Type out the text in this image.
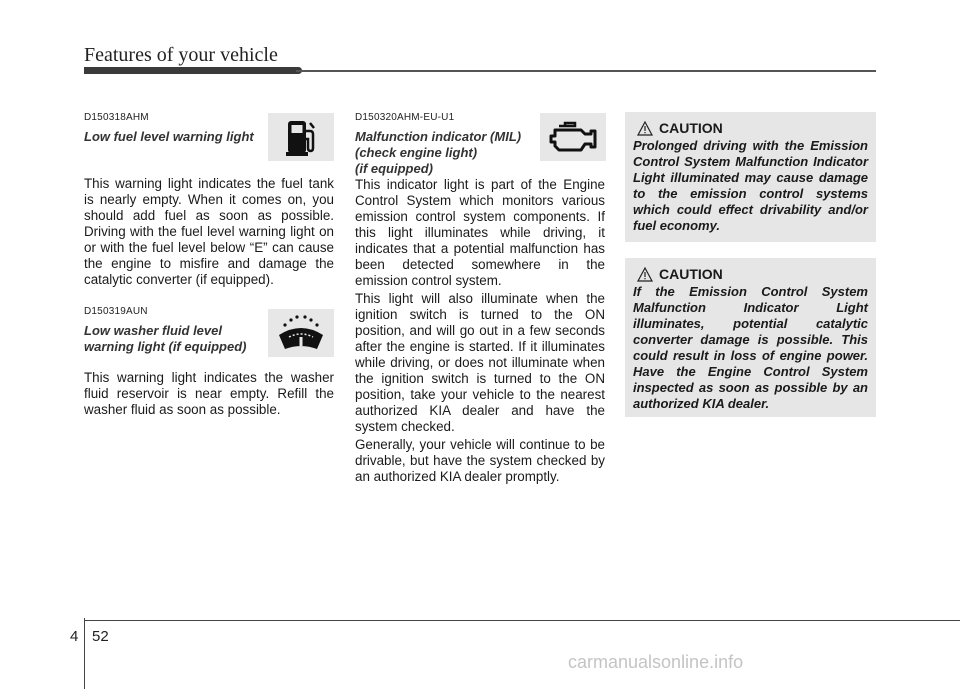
Features of your vehicle
D150318AHM
Low fuel level warning light
This warning light indicates the fuel tank is nearly empty. When it comes on, you should add fuel as soon as possible. Driving with the fuel level warning light on or with the fuel level below “E” can cause the engine to misfire and damage the catalytic converter (if equipped).
D150319AUN
Low washer fluid level
warning light (if equipped)
This warning light indicates the washer fluid reservoir is near empty. Refill the washer fluid as soon as possible.
D150320AHM-EU-U1
Malfunction indicator (MIL)
(check engine light)
(if equipped)
This indicator light is part of the Engine Control System which monitors various emission control system components. If this light illuminates while driving, it indicates that a potential malfunction has been detected somewhere in the emission control system.
This light will also illuminate when the ignition switch is turned to the ON position, and will go out in a few seconds after the engine is started. If it illuminates while driving, or does not illuminate when the ignition switch is turned to the ON position, take your vehicle to the nearest authorized KIA dealer and have the system checked.
Generally, your vehicle will continue to be drivable, but have the system checked by an authorized KIA dealer promptly.
CAUTION
Prolonged driving with the Emission Control System Malfunction Indicator Light illuminated may cause damage to the emission control systems which could effect drivability and/or fuel economy.
CAUTION
If the Emission Control System Malfunction Indicator Light illuminates, potential catalytic converter damage is possible. This could result in loss of engine power. Have the Engine Control System inspected as soon as possible by an authorized KIA dealer.
4 52
carmanualsonline.info
